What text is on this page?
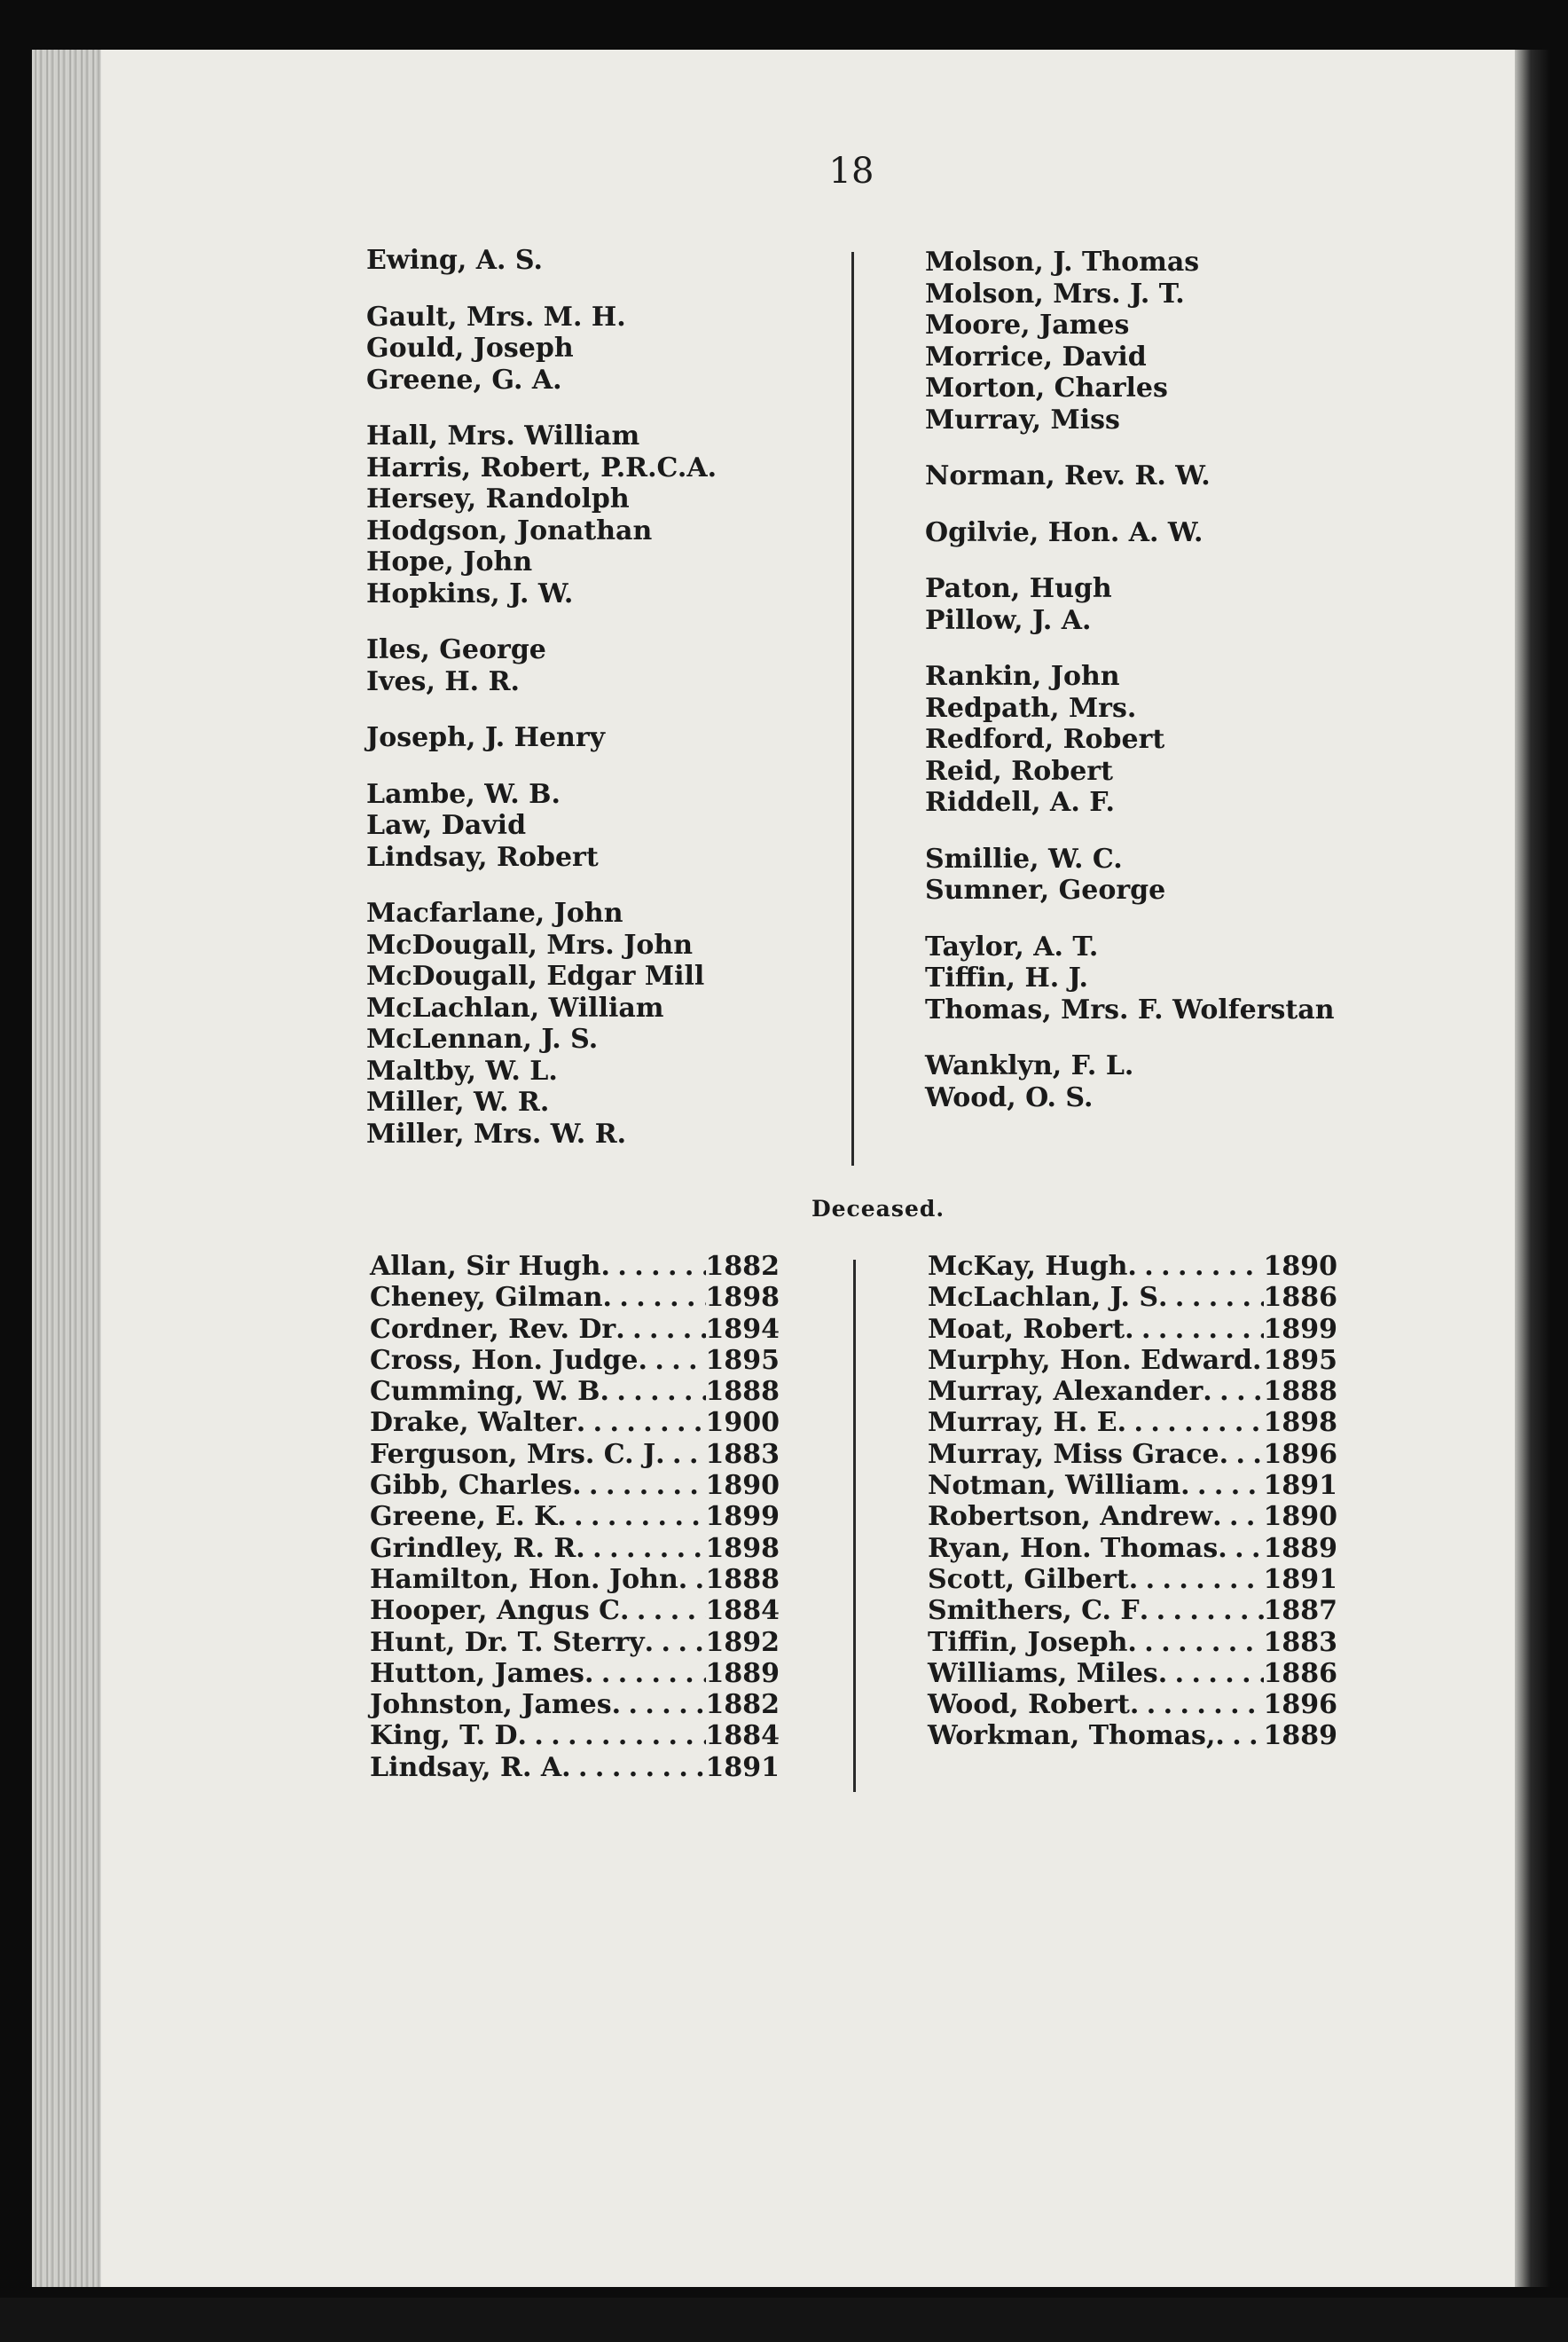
18
Ewing, A. S.
Gault, Mrs. M. H.
Gould, Joseph
Greene, G. A.
Hall, Mrs. William
Harris, Robert, P.R.C.A.
Hersey, Randolph
Hodgson, Jonathan
Hope, John
Hopkins, J. W.
Iles, George
Ives, H. R.
Joseph, J. Henry
Lambe, W. B.
Law, David
Lindsay, Robert
Macfarlane, John
McDougall, Mrs. John
McDougall, Edgar Mill
McLachlan, William
McLennan, J. S.
Maltby, W. L.
Miller, W. R.
Miller, Mrs. W. R.
Molson, J. Thomas
Molson, Mrs. J. T.
Moore, James
Morrice, David
Morton, Charles
Murray, Miss
Norman, Rev. R. W.
Ogilvie, Hon. A. W.
Paton, Hugh
Pillow, J. A.
Rankin, John
Redpath, Mrs.
Redford, Robert
Reid, Robert
Riddell, A. F.
Smillie, W. C.
Sumner, George
Taylor, A. T.
Tiffin, H. J.
Thomas, Mrs. F. Wolferstan
Wanklyn, F. L.
Wood, O. S.
Deceased.
Allan, Sir Hugh . . .	1882
Cheney, Gilman . . .	1898
Cordner, Rev. Dr . . .	1894
Cross, Hon. Judge . . .	1895
Cumming, W. B . . .	1888
Drake, Walter . . .	1900
Ferguson, Mrs. C. J . . . 1883
Gibb, Charles . . .	1890
Greene, E. K . . .	1899
Grindley, R. R . . .	1898
Hamilton, Hon. John . . . 1888
Hooper, Angus C . . .	1884
Hunt, Dr. T. Sterry . . . 1892
Hutton, James . . .	1889
Johnston, James . . .	1882
King, T. D . . .	1884
Lindsay, R. A . . .	1891
McKay, Hugh . . .	1890
McLachlan, J. S . . .	1886
Moat, Robert . . .	1899
Murphy, Hon. Edward . . . 1895
Murray, Alexander . . . 1888
Murray, H. E . . .	1898
Murray, Miss Grace . . . 1896
Notman, William . . .	1891
Robertson, Andrew . . . 1890
Ryan, Hon. Thomas . . . 1889
Scott, Gilbert . . .	1891
Smithers, C. F . . .	1887
Tiffin, Joseph . . .	1883
Williams, Miles . . .	1886
Wood, Robert . . .	1896
Workman, Thomas, . . . 1889
